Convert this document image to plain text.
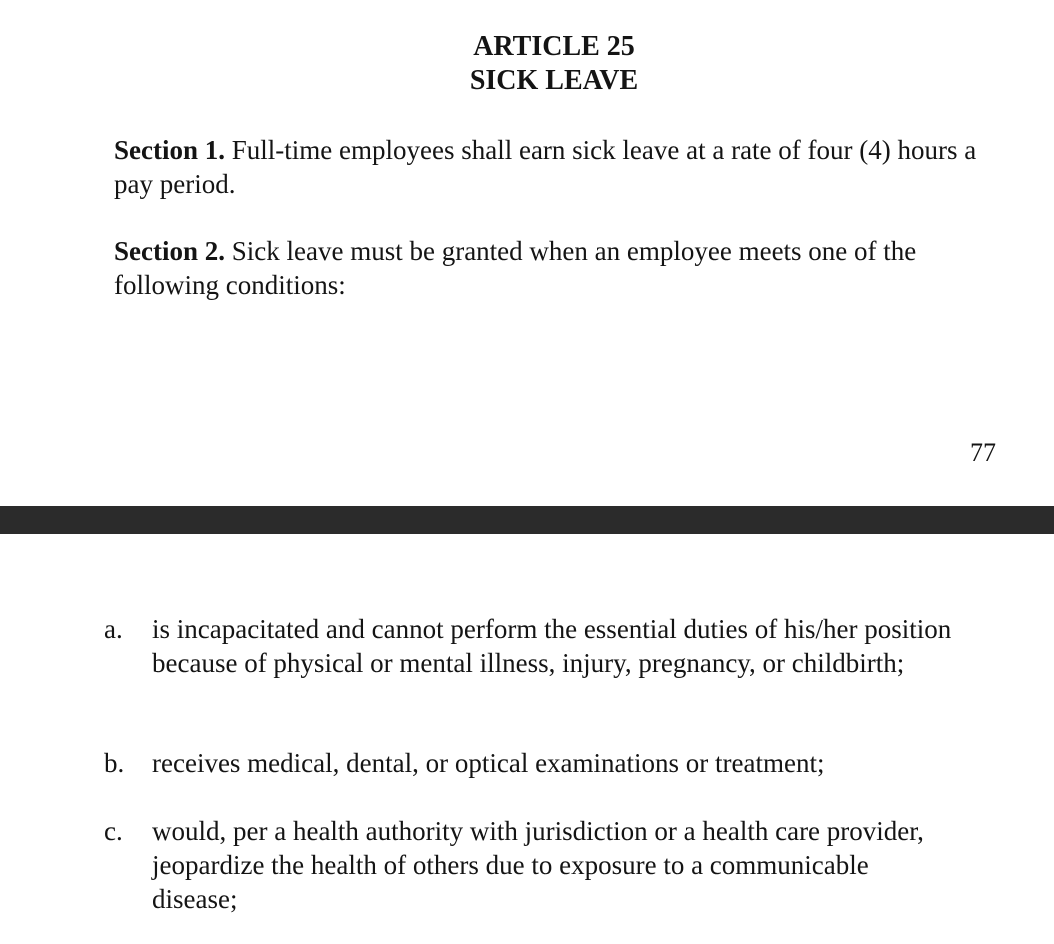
ARTICLE 25
SICK LEAVE
Section 1. Full-time employees shall earn sick leave at a rate of four (4) hours a pay period.
Section 2. Sick leave must be granted when an employee meets one of the following conditions:
77
a. is incapacitated and cannot perform the essential duties of his/her position because of physical or mental illness, injury, pregnancy, or childbirth;
b. receives medical, dental, or optical examinations or treatment;
c. would, per a health authority with jurisdiction or a health care provider, jeopardize the health of others due to exposure to a communicable disease;
